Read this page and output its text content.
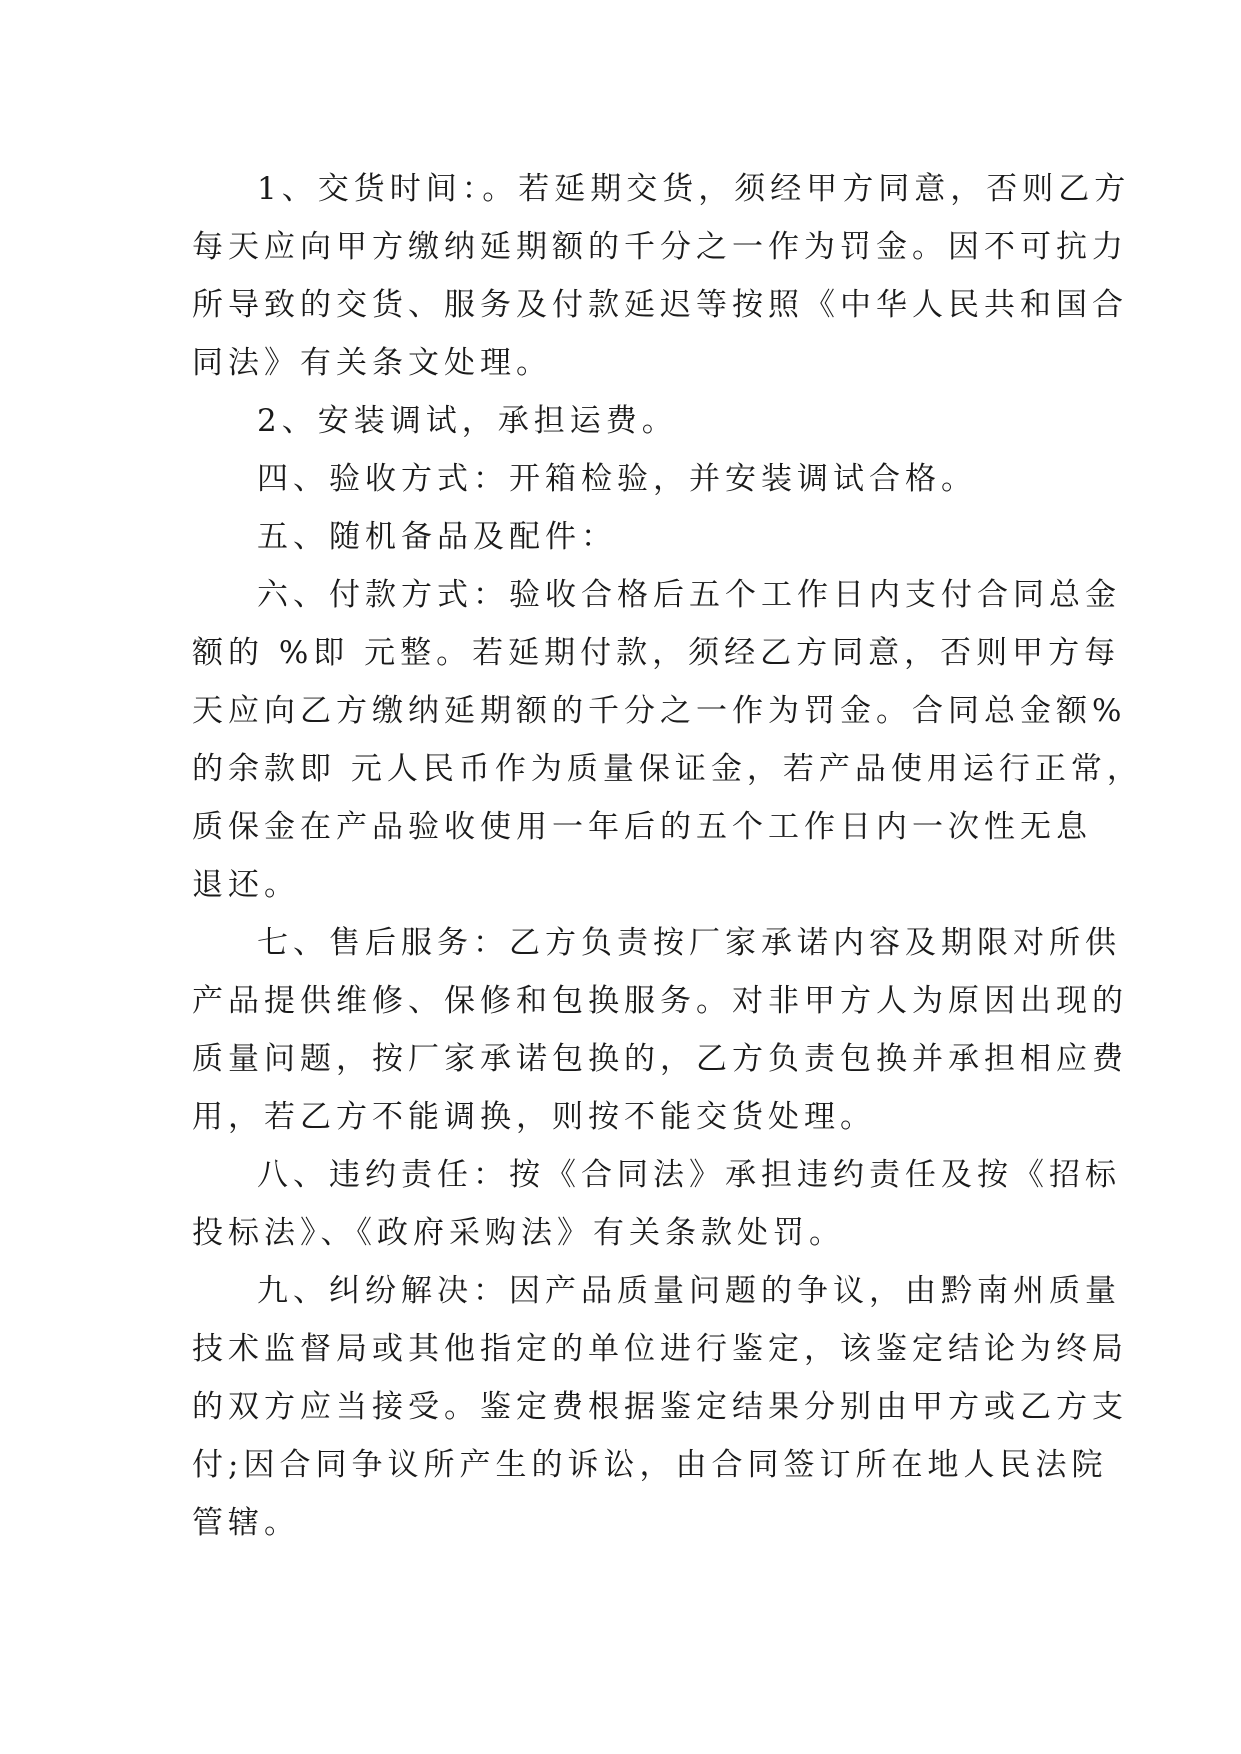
1、交货时间：。若延期交货，须经甲方同意，否则乙方
每天应向甲方缴纳延期额的千分之一作为罚金。因不可抗力
所导致的交货、服务及付款延迟等按照《中华人民共和国合
同法》有关条文处理。
2、安装调试，承担运费。
四、验收方式：开箱检验，并安装调试合格。
五、随机备品及配件：
六、付款方式：验收合格后五个工作日内支付合同总金
额的 %即 元整。若延期付款，须经乙方同意，否则甲方每
天应向乙方缴纳延期额的千分之一作为罚金。合同总金额%
的余款即 元人民币作为质量保证金，若产品使用运行正常，
质保金在产品验收使用一年后的五个工作日内一次性无息
退还。
七、售后服务：乙方负责按厂家承诺内容及期限对所供
产品提供维修、保修和包换服务。对非甲方人为原因出现的
质量问题，按厂家承诺包换的，乙方负责包换并承担相应费
用，若乙方不能调换，则按不能交货处理。
八、违约责任：按《合同法》承担违约责任及按《招标
投标法》、《政府采购法》有关条款处罚。
九、纠纷解决：因产品质量问题的争议，由黔南州质量
技术监督局或其他指定的单位进行鉴定，该鉴定结论为终局
的双方应当接受。鉴定费根据鉴定结果分别由甲方或乙方支
付;因合同争议所产生的诉讼，由合同签订所在地人民法院
管辖。
